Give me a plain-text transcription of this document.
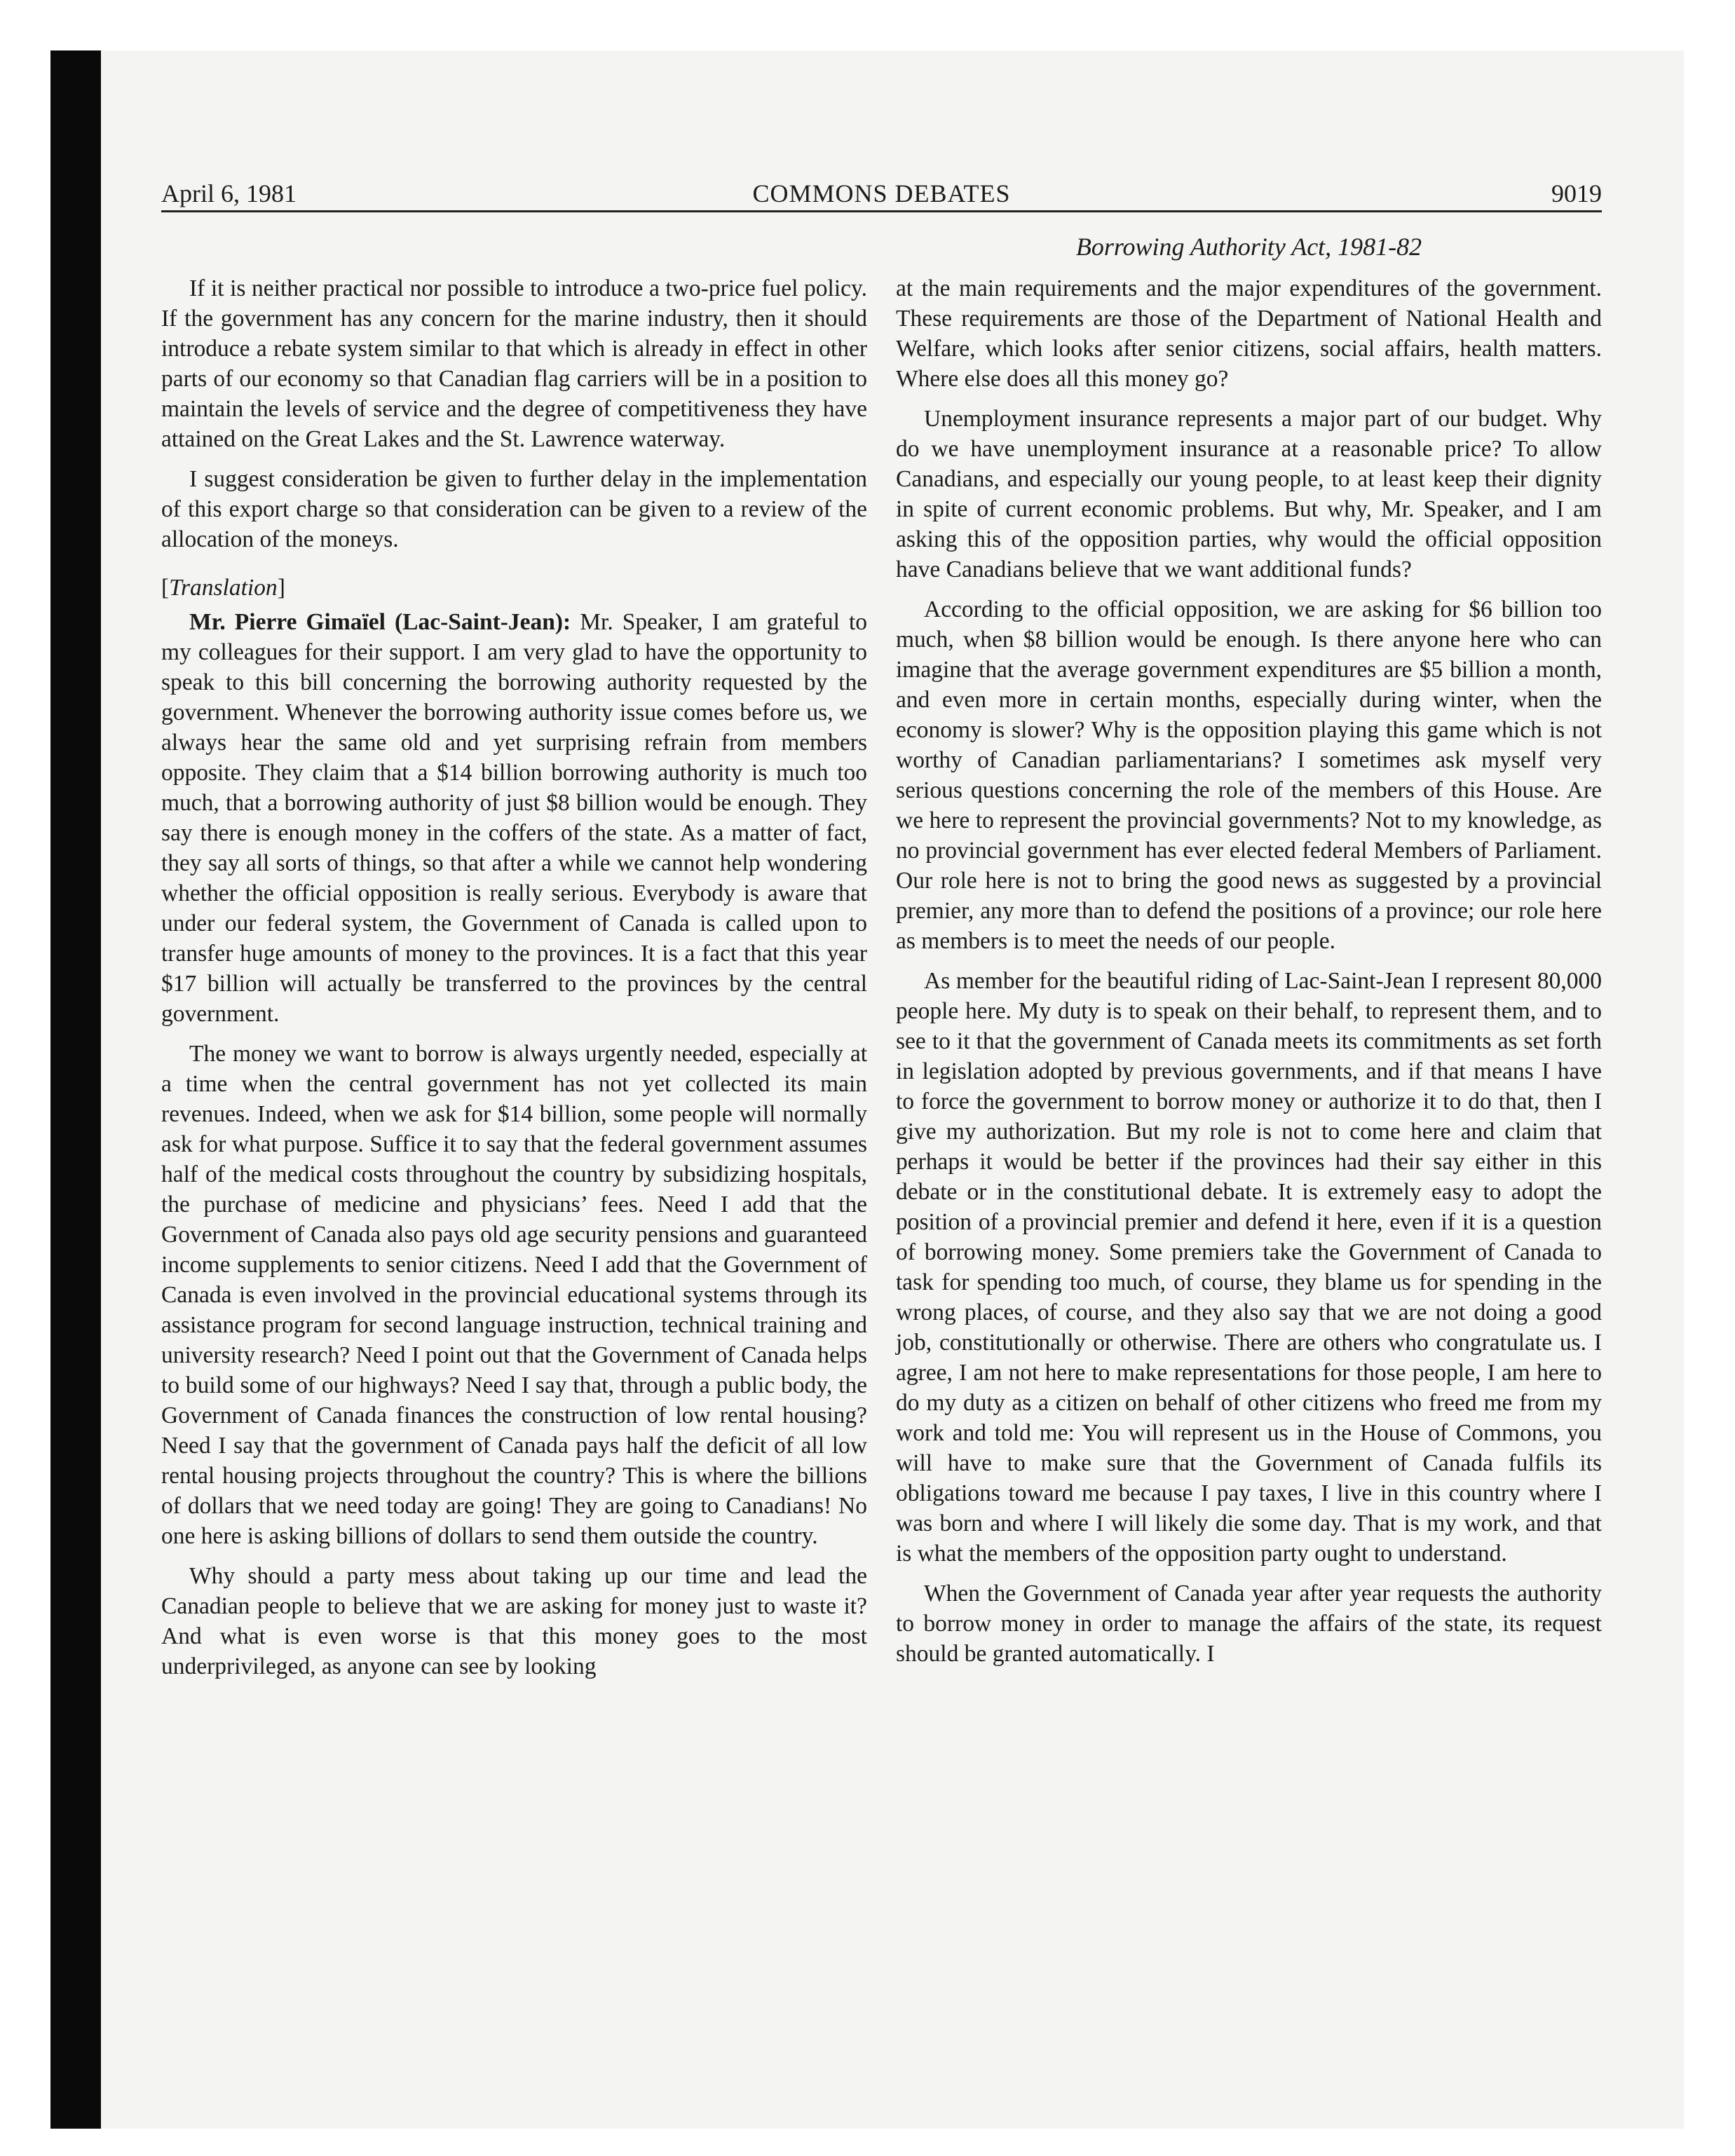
April 6, 1981	COMMONS DEBATES	9019
Borrowing Authority Act, 1981-82

If it is neither practical nor possible to introduce a two-price fuel policy. If the government has any concern for the marine industry, then it should introduce a rebate system similar to that which is already in effect in other parts of our economy so that Canadian flag carriers will be in a position to maintain the levels of service and the degree of competitiveness they have attained on the Great Lakes and the St. Lawrence waterway.

I suggest consideration be given to further delay in the implementation of this export charge so that consideration can be given to a review of the allocation of the moneys.

[Translation]

Mr. Pierre Gimaïel (Lac-Saint-Jean): Mr. Speaker, I am grateful to my colleagues for their support. I am very glad to have the opportunity to speak to this bill concerning the borrowing authority requested by the government. Whenever the borrowing authority issue comes before us, we always hear the same old and yet surprising refrain from members opposite. They claim that a $14 billion borrowing authority is much too much, that a borrowing authority of just $8 billion would be enough. They say there is enough money in the coffers of the state. As a matter of fact, they say all sorts of things, so that after a while we cannot help wondering whether the official opposition is really serious. Everybody is aware that under our federal system, the Government of Canada is called upon to transfer huge amounts of money to the provinces. It is a fact that this year $17 billion will actually be transferred to the provinces by the central government.

The money we want to borrow is always urgently needed, especially at a time when the central government has not yet collected its main revenues. Indeed, when we ask for $14 billion, some people will normally ask for what purpose. Suffice it to say that the federal government assumes half of the medical costs throughout the country by subsidizing hospitals, the purchase of medicine and physicians’ fees. Need I add that the Government of Canada also pays old age security pensions and guaranteed income supplements to senior citizens. Need I add that the Government of Canada is even involved in the provincial educational systems through its assistance program for second language instruction, technical training and university research? Need I point out that the Government of Canada helps to build some of our highways? Need I say that, through a public body, the Government of Canada finances the construction of low rental housing? Need I say that the government of Canada pays half the deficit of all low rental housing projects throughout the country? This is where the billions of dollars that we need today are going! They are going to Canadians! No one here is asking billions of dollars to send them outside the country.

Why should a party mess about taking up our time and lead the Canadian people to believe that we are asking for money just to waste it? And what is even worse is that this money goes to the most underprivileged, as anyone can see by looking

at the main requirements and the major expenditures of the government. These requirements are those of the Department of National Health and Welfare, which looks after senior citizens, social affairs, health matters. Where else does all this money go?

Unemployment insurance represents a major part of our budget. Why do we have unemployment insurance at a reasonable price? To allow Canadians, and especially our young people, to at least keep their dignity in spite of current economic problems. But why, Mr. Speaker, and I am asking this of the opposition parties, why would the official opposition have Canadians believe that we want additional funds?

According to the official opposition, we are asking for $6 billion too much, when $8 billion would be enough. Is there anyone here who can imagine that the average government expenditures are $5 billion a month, and even more in certain months, especially during winter, when the economy is slower? Why is the opposition playing this game which is not worthy of Canadian parliamentarians? I sometimes ask myself very serious questions concerning the role of the members of this House. Are we here to represent the provincial governments? Not to my knowledge, as no provincial government has ever elected federal Members of Parliament. Our role here is not to bring the good news as suggested by a provincial premier, any more than to defend the positions of a province; our role here as members is to meet the needs of our people.

As member for the beautiful riding of Lac-Saint-Jean I represent 80,000 people here. My duty is to speak on their behalf, to represent them, and to see to it that the government of Canada meets its commitments as set forth in legislation adopted by previous governments, and if that means I have to force the government to borrow money or authorize it to do that, then I give my authorization. But my role is not to come here and claim that perhaps it would be better if the provinces had their say either in this debate or in the constitutional debate. It is extremely easy to adopt the position of a provincial premier and defend it here, even if it is a question of borrowing money. Some premiers take the Government of Canada to task for spending too much, of course, they blame us for spending in the wrong places, of course, and they also say that we are not doing a good job, constitutionally or otherwise. There are others who congratulate us. I agree, I am not here to make representations for those people, I am here to do my duty as a citizen on behalf of other citizens who freed me from my work and told me: You will represent us in the House of Commons, you will have to make sure that the Government of Canada fulfils its obligations toward me because I pay taxes, I live in this country where I was born and where I will likely die some day. That is my work, and that is what the members of the opposition party ought to understand.

When the Government of Canada year after year requests the authority to borrow money in order to manage the affairs of the state, its request should be granted automatically. I
